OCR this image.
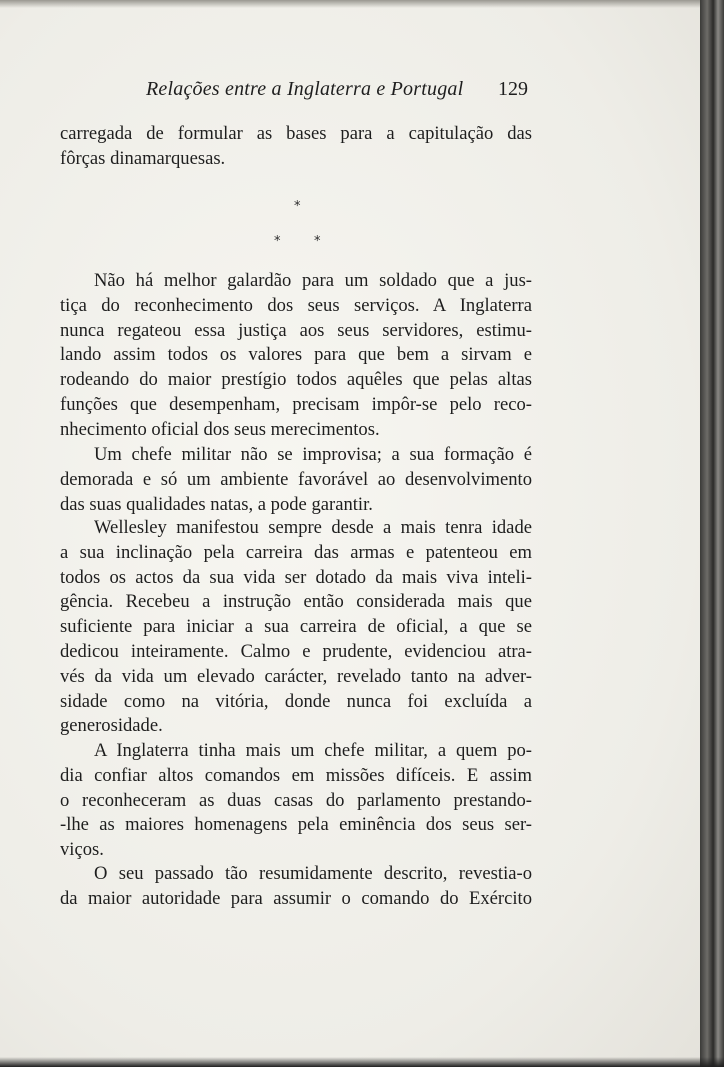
Relações entre a Inglaterra e Portugal 129
carregada de formular as bases para a capitulação das
fôrças dinamarquesas.
*
*	*
Não há melhor galardão para um soldado que a jus-
tiça do reconhecimento dos seus serviços. A Inglaterra
nunca regateou essa justiça aos seus servidores, estimu-
lando assim todos os valores para que bem a sirvam e
rodeando do maior prestígio todos aquêles que pelas altas
funções que desempenham, precisam impôr-se pelo reco-
nhecimento oficial dos seus merecimentos.
Um chefe militar não se improvisa; a sua formação é
demorada e só um ambiente favorável ao desenvolvimento
das suas qualidades natas, a pode garantir.
Wellesley manifestou sempre desde a mais tenra idade
a sua inclinação pela carreira das armas e patenteou em
todos os actos da sua vida ser dotado da mais viva inteli-
gência. Recebeu a instrução então considerada mais que
suficiente para iniciar a sua carreira de oficial, a que se
dedicou inteiramente. Calmo e prudente, evidenciou atra-
vés da vida um elevado carácter, revelado tanto na adver-
sidade como na vitória, donde nunca foi excluída a
generosidade.
A Inglaterra tinha mais um chefe militar, a quem po-
dia confiar altos comandos em missões difíceis. E assim
o reconheceram as duas casas do parlamento prestando-
-lhe as maiores homenagens pela eminência dos seus ser-
viços.
O seu passado tão resumidamente descrito, revestia-o
da maior autoridade para assumir o comando do Exército
